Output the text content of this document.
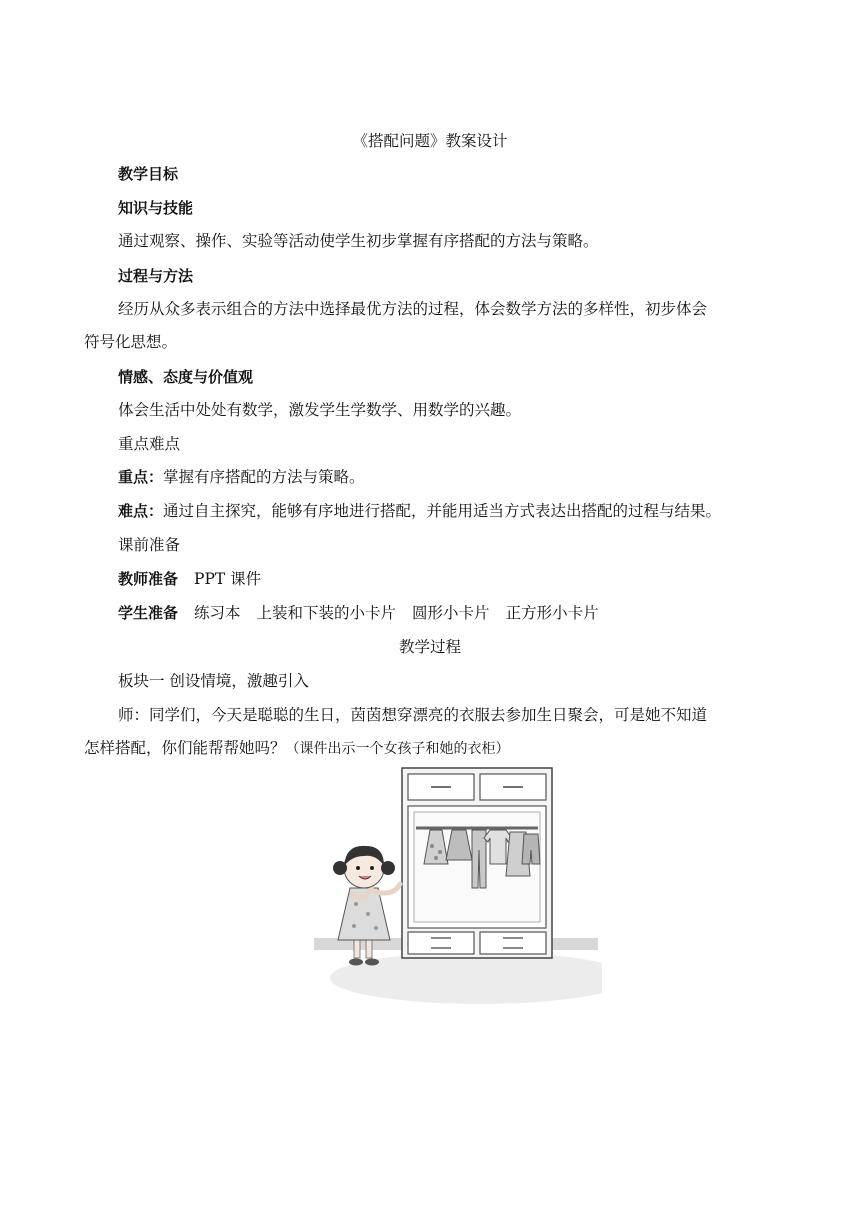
《搭配问题》教案设计
教学目标
知识与技能
通过观察、操作、实验等活动使学生初步掌握有序搭配的方法与策略。
过程与方法
经历从众多表示组合的方法中选择最优方法的过程，体会数学方法的多样性，初步体会
符号化思想。
情感、态度与价值观
体会生活中处处有数学，激发学生学数学、用数学的兴趣。
重点难点
重点：掌握有序搭配的方法与策略。
难点：通过自主探究，能够有序地进行搭配，并能用适当方式表达出搭配的过程与结果。
课前准备
教师准备 PPT 课件
学生准备 练习本 上装和下装的小卡片 圆形小卡片 正方形小卡片
教学过程
板块一 创设情境，激趣引入
师：同学们，今天是聪聪的生日，茵茵想穿漂亮的衣服去参加生日聚会，可是她不知道
怎样搭配，你们能帮帮她吗？（课件出示一个女孩子和她的衣柜）
